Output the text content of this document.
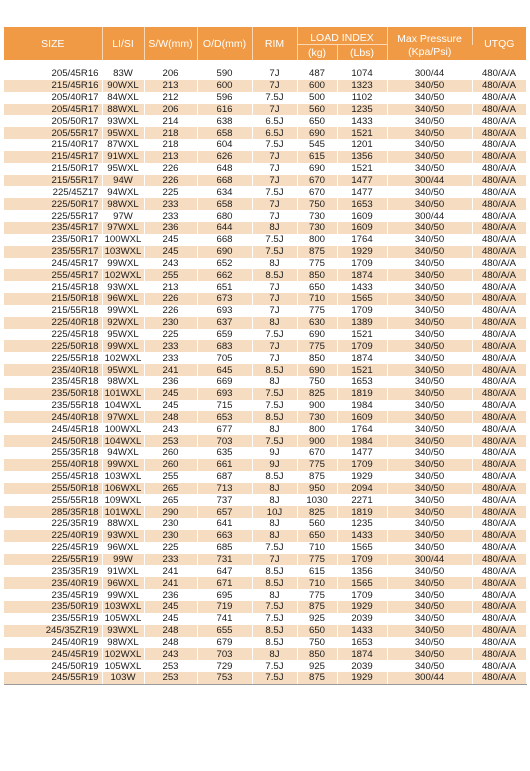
SIZE	LI/SI	S/W(mm)	O/D(mm)	RIM	LOAD INDEX		Max Pressure	UTQG
					(kg)	(Lbs)	(Kpa/Psi)	

205/45R16	83W	206	590	7J	487	1074	300/44	480/A/A
215/45R16	90WXL	213	600	7J	600	1323	340/50	480/A/A
205/40R17	84WXL	212	596	7.5J	500	1102	340/50	480/A/A
205/45R17	88WXL	206	616	7J	560	1235	340/50	480/A/A
205/50R17	93WXL	214	638	6.5J	650	1433	340/50	480/A/A
205/55R17	95WXL	218	658	6.5J	690	1521	340/50	480/A/A
215/40R17	87WXL	218	604	7.5J	545	1201	340/50	480/A/A
215/45R17	91WXL	213	626	7J	615	1356	340/50	480/A/A
215/50R17	95WXL	226	648	7J	690	1521	340/50	480/A/A
215/55R17	94W	226	668	7J	670	1477	300/44	480/A/A
225/45Z17	94WXL	225	634	7.5J	670	1477	340/50	480/A/A
225/50R17	98WXL	233	658	7J	750	1653	340/50	480/A/A
225/55R17	97W	233	680	7J	730	1609	300/44	480/A/A
235/45R17	97WXL	236	644	8J	730	1609	340/50	480/A/A
235/50R17	100WXL	245	668	7.5J	800	1764	340/50	480/A/A
235/55R17	103WXL	245	690	7.5J	875	1929	340/50	480/A/A
245/45R17	99WXL	243	652	8J	775	1709	340/50	480/A/A
255/45R17	102WXL	255	662	8.5J	850	1874	340/50	480/A/A
215/45R18	93WXL	213	651	7J	650	1433	340/50	480/A/A
215/50R18	96WXL	226	673	7J	710	1565	340/50	480/A/A
215/55R18	99WXL	226	693	7J	775	1709	340/50	480/A/A
225/40R18	92WXL	230	637	8J	630	1389	340/50	480/A/A
225/45R18	95WXL	225	659	7.5J	690	1521	340/50	480/A/A
225/50R18	99WXL	233	683	7J	775	1709	340/50	480/A/A
225/55R18	102WXL	233	705	7J	850	1874	340/50	480/A/A
235/40R18	95WXL	241	645	8.5J	690	1521	340/50	480/A/A
235/45R18	98WXL	236	669	8J	750	1653	340/50	480/A/A
235/50R18	101WXL	245	693	7.5J	825	1819	340/50	480/A/A
235/55R18	104WXL	245	715	7.5J	900	1984	340/50	480/A/A
245/40R18	97WXL	248	653	8.5J	730	1609	340/50	480/A/A
245/45R18	100WXL	243	677	8J	800	1764	340/50	480/A/A
245/50R18	104WXL	253	703	7.5J	900	1984	340/50	480/A/A
255/35R18	94WXL	260	635	9J	670	1477	340/50	480/A/A
255/40R18	99WXL	260	661	9J	775	1709	340/50	480/A/A
255/45R18	103WXL	255	687	8.5J	875	1929	340/50	480/A/A
255/50R18	106WXL	265	713	8J	950	2094	340/50	480/A/A
255/55R18	109WXL	265	737	8J	1030	2271	340/50	480/A/A
285/35R18	101WXL	290	657	10J	825	1819	340/50	480/A/A
225/35R19	88WXL	230	641	8J	560	1235	340/50	480/A/A
225/40R19	93WXL	230	663	8J	650	1433	340/50	480/A/A
225/45R19	96WXL	225	685	7.5J	710	1565	340/50	480/A/A
225/55R19	99W	233	731	7J	775	1709	300/44	480/A/A
235/35R19	91WXL	241	647	8.5J	615	1356	340/50	480/A/A
235/40R19	96WXL	241	671	8.5J	710	1565	340/50	480/A/A
235/45R19	99WXL	236	695	8J	775	1709	340/50	480/A/A
235/50R19	103WXL	245	719	7.5J	875	1929	340/50	480/A/A
235/55R19	105WXL	245	741	7.5J	925	2039	340/50	480/A/A
245/35ZR19	93WXL	248	655	8.5J	650	1433	340/50	480/A/A
245/40R19	98WXL	248	679	8.5J	750	1653	340/50	480/A/A
245/45R19	102WXL	243	703	8J	850	1874	340/50	480/A/A
245/50R19	105WXL	253	729	7.5J	925	2039	340/50	480/A/A
245/55R19	103W	253	753	7.5J	875	1929	300/44	480/A/A
